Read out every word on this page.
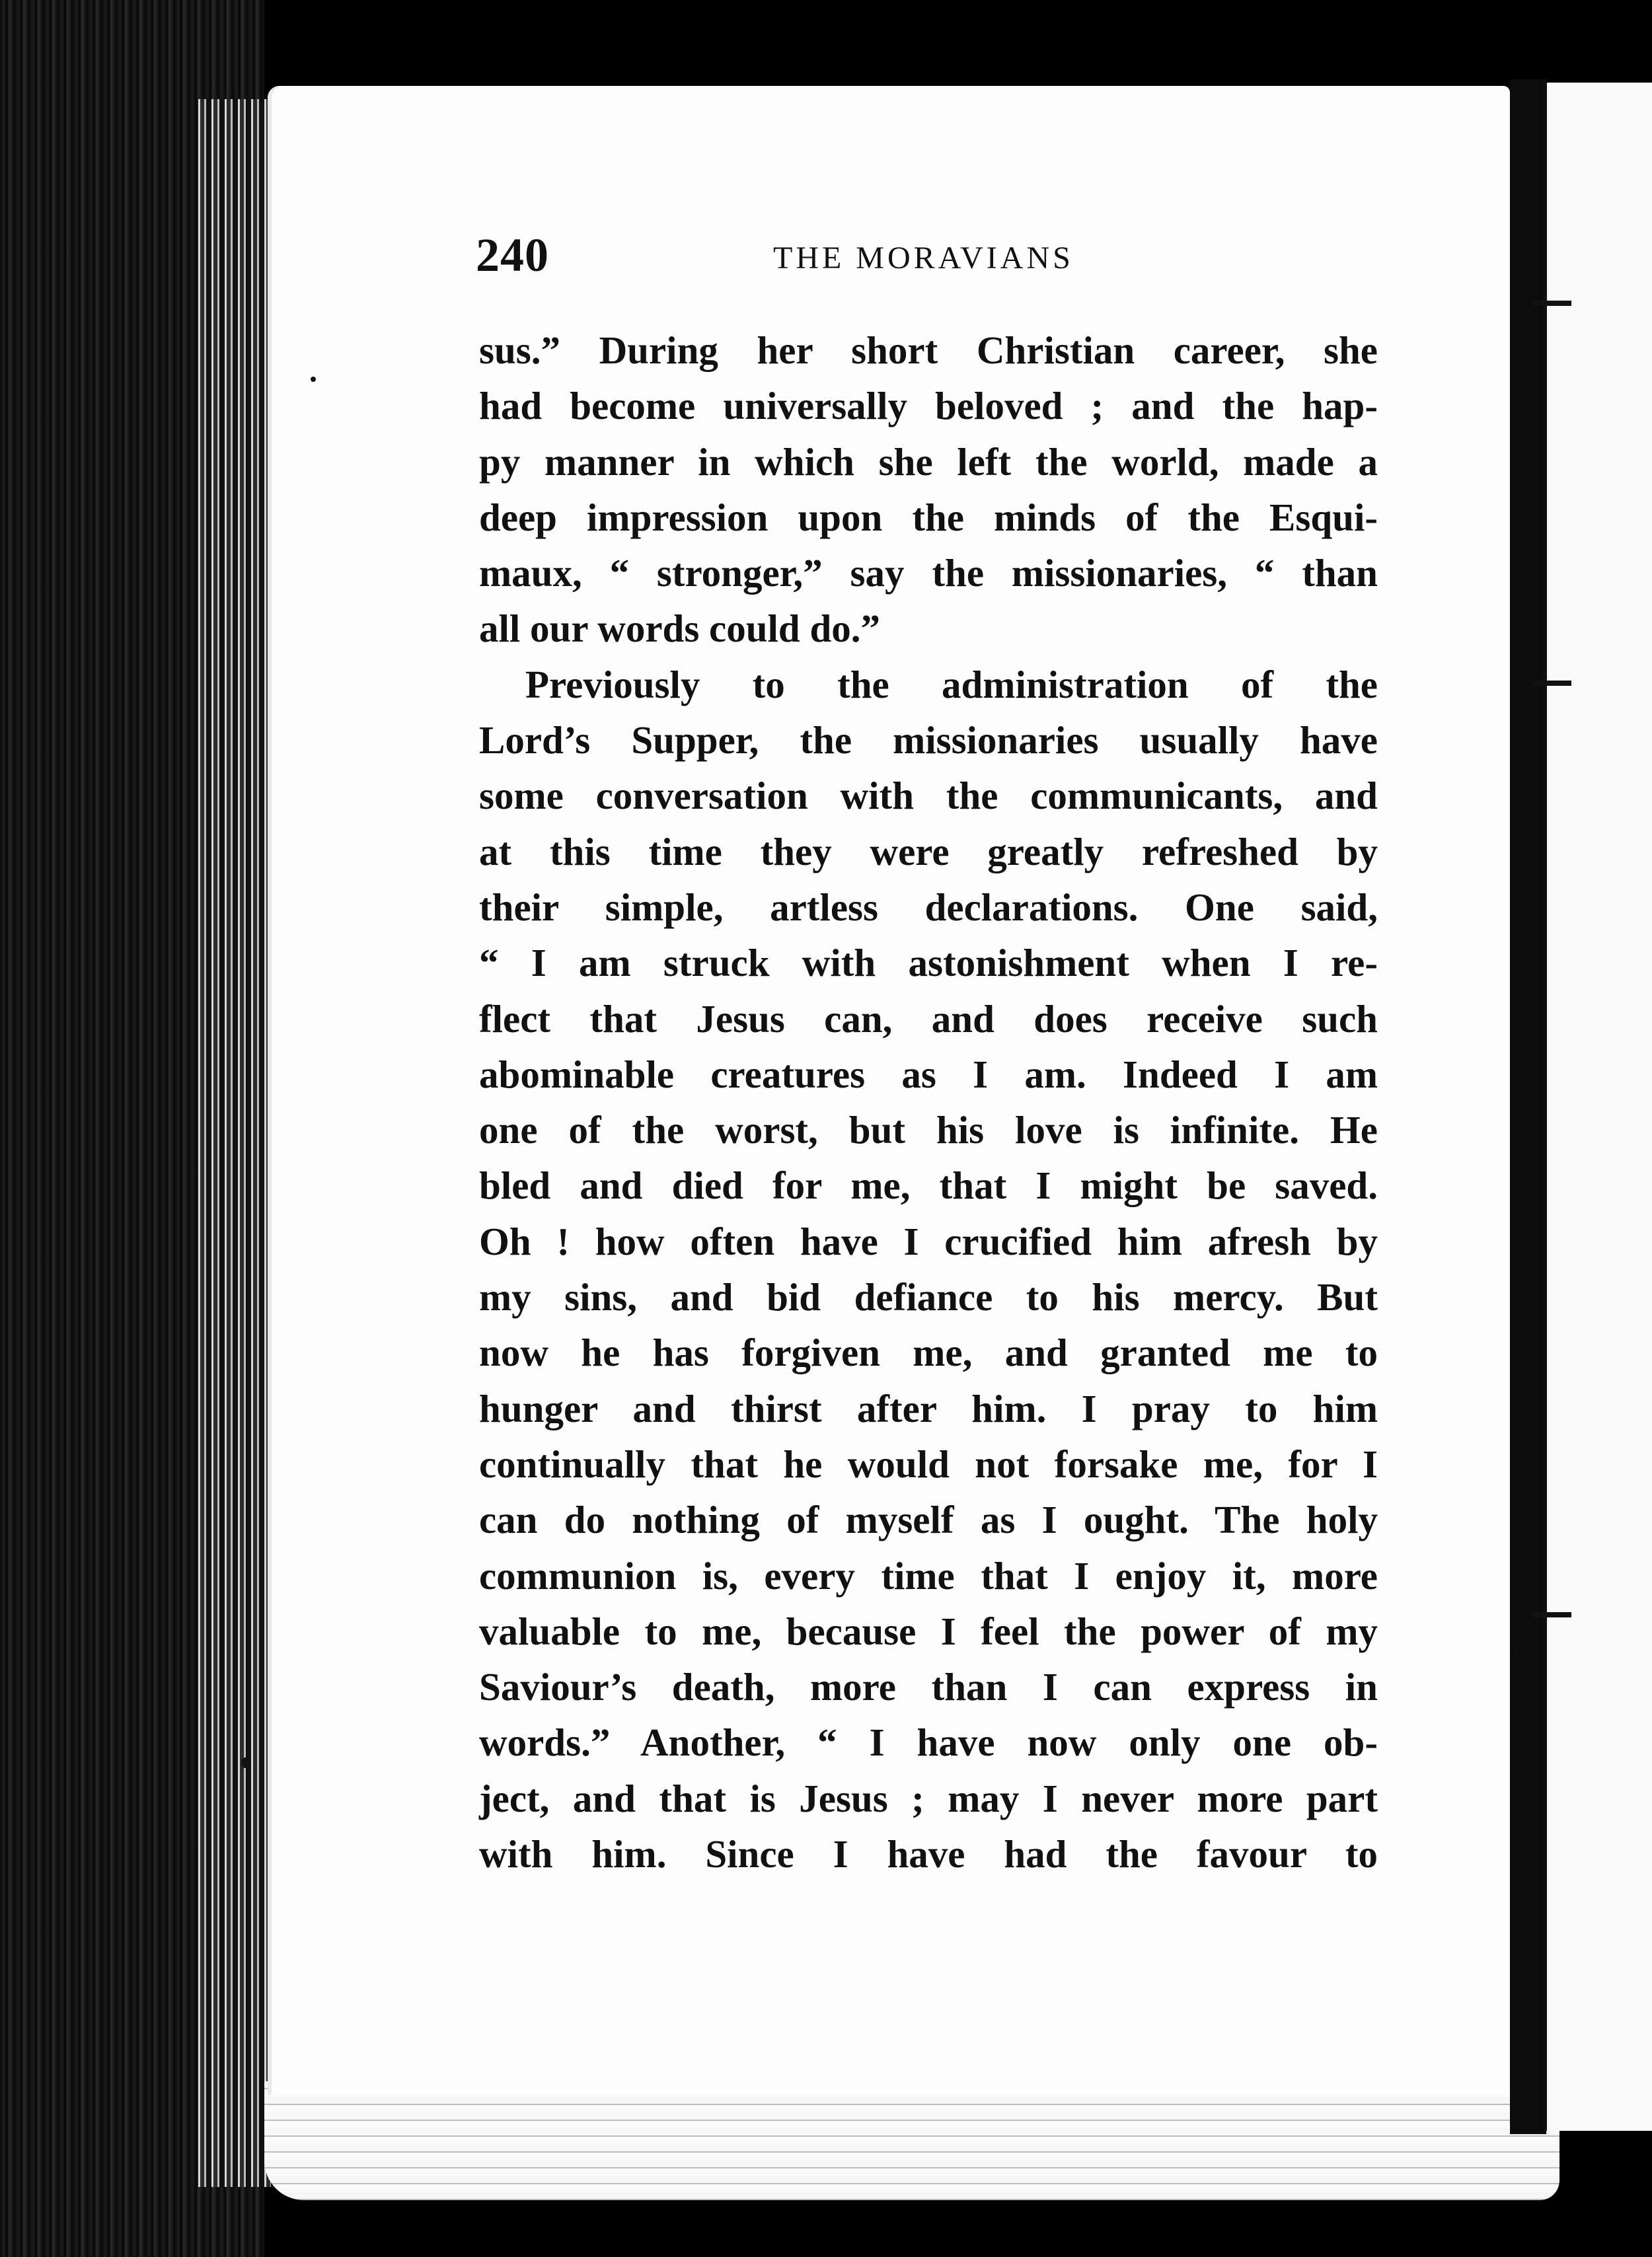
240	THE MORAVIANS
sus.” During her short Christian career, she
had become universally beloved ; and the hap-
py manner in which she left the world, made a
deep impression upon the minds of the Esqui-
maux, “ stronger,” say the missionaries, “ than
all our words could do.”
Previously to the administration of the
Lord’s Supper, the missionaries usually have
some conversation with the communicants, and
at this time they were greatly refreshed by
their simple, artless declarations. One said,
“ I am struck with astonishment when I re-
flect that Jesus can, and does receive such
abominable creatures as I am. Indeed I am
one of the worst, but his love is infinite. He
bled and died for me, that I might be saved.
Oh ! how often have I crucified him afresh by
my sins, and bid defiance to his mercy. But
now he has forgiven me, and granted me to
hunger and thirst after him. I pray to him
continually that he would not forsake me, for I
can do nothing of myself as I ought. The holy
communion is, every time that I enjoy it, more
valuable to me, because I feel the power of my
Saviour’s death, more than I can express in
words.” Another, “ I have now only one ob-
ject, and that is Jesus ; may I never more part
with him. Since I have had the favour to
